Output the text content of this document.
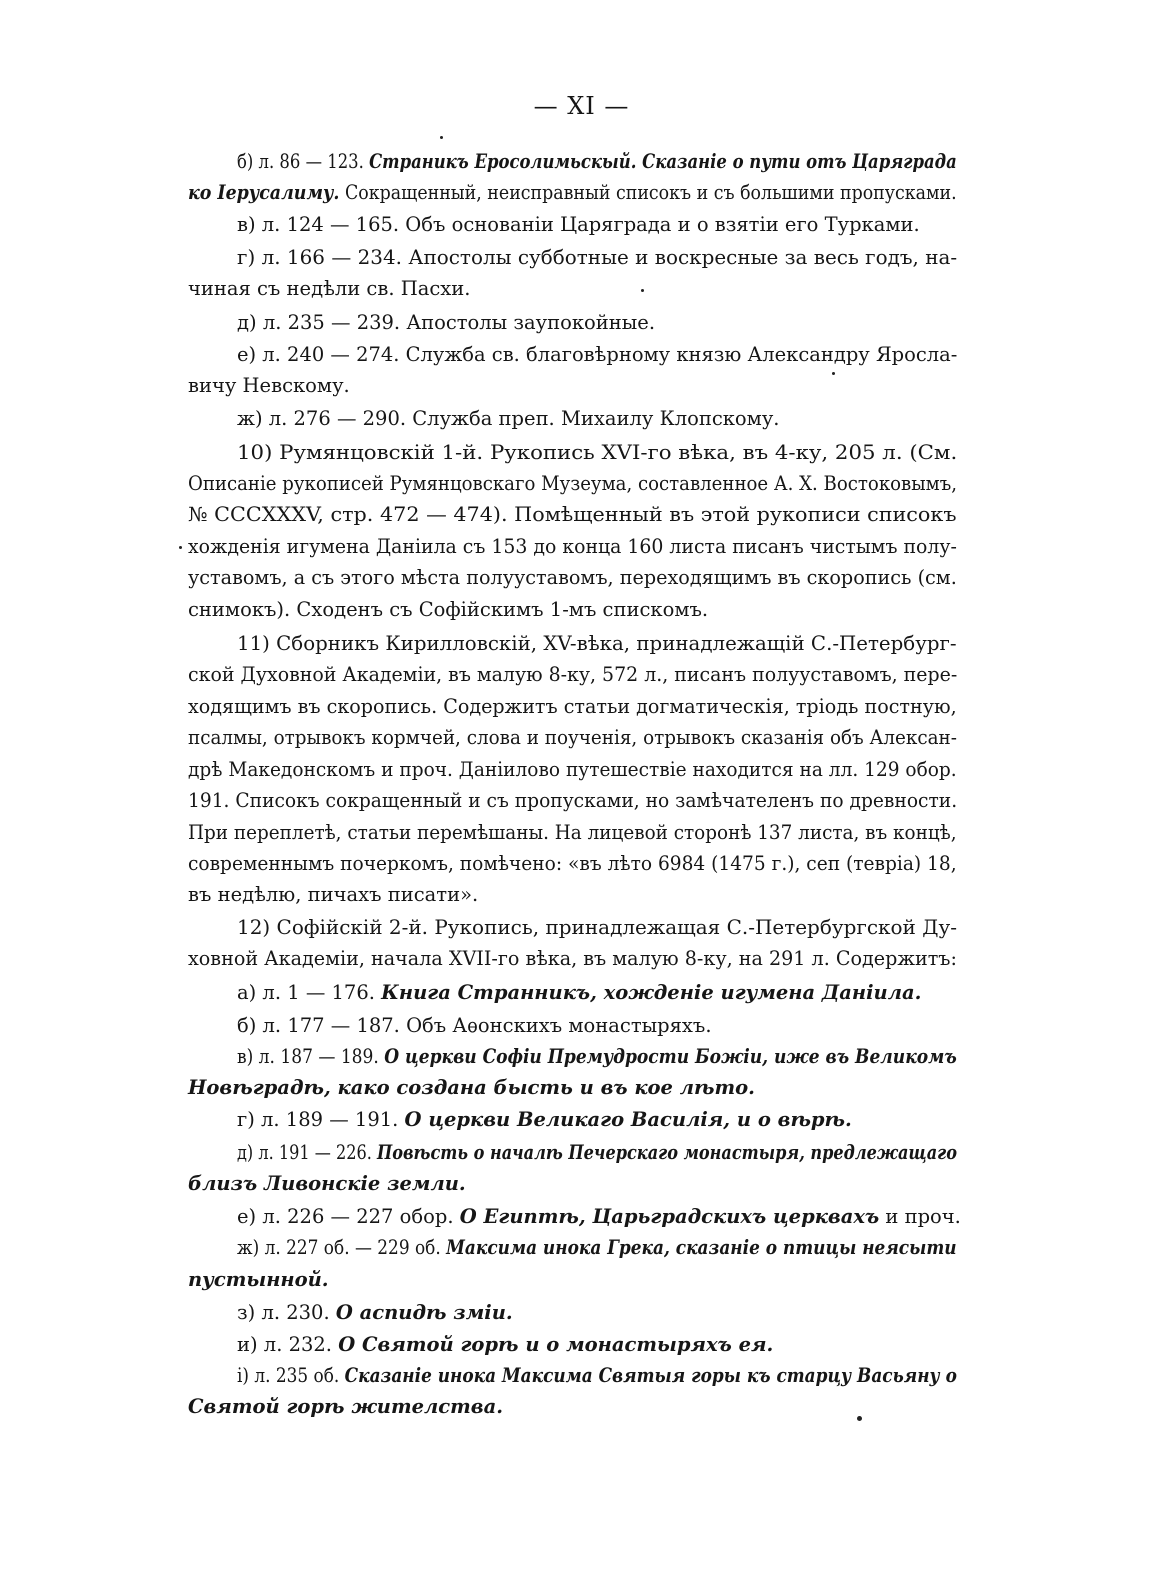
— XI —
б) л. 86 — 123. Страникъ Еросолимьскый. Сказаніе о пути отъ Царяграда
ко Іерусалиму. Сокращенный, неисправный списокъ и съ большими пропусками.
в) л. 124 — 165. Объ основаніи Царяграда и о взятіи его Турками.
г) л. 166 — 234. Апостолы субботные и воскресные за весь годъ, на-
чиная съ недѣли св. Пасхи.
д) л. 235 — 239. Апостолы заупокойные.
е) л. 240 — 274. Служба св. благовѣрному князю Александру Яросла-
вичу Невскому.
ж) л. 276 — 290. Служба преп. Михаилу Клопскому.
10) Румянцовскій 1-й. Рукопись XVI-го вѣка, въ 4-ку, 205 л. (См.
Описаніе рукописей Румянцовскаго Музеума, составленное А. Х. Востоковымъ,
№ СССХХХV, стр. 472 — 474). Помѣщенный въ этой рукописи списокъ
хожденія игумена Даніила съ 153 до конца 160 листа писанъ чистымъ полу-
уставомъ, а съ этого мѣста полууставомъ, переходящимъ въ скоропись (см.
снимокъ). Сходенъ съ Софійскимъ 1-мъ спискомъ.
11) Сборникъ Кирилловскій, XV-вѣка, принадлежащій С.-Петербург-
ской Духовной Академіи, въ малую 8-ку, 572 л., писанъ полууставомъ, пере-
ходящимъ въ скоропись. Содержитъ статьи догматическія, тріодь постную,
псалмы, отрывокъ кормчей, слова и поученія, отрывокъ сказанія объ Алексан-
дрѣ Македонскомъ и проч. Даніилово путешествіе находится на лл. 129 обор.
191. Списокъ сокращенный и съ пропусками, но замѣчателенъ по древности.
При переплетѣ, статьи перемѣшаны. На лицевой сторонѣ 137 листа, въ концѣ,
современнымъ почеркомъ, помѣчено: «въ лѣто 6984 (1475 г.), сеп (тевріа) 18,
въ недѣлю, пичахъ писати».
12) Софійскій 2-й. Рукопись, принадлежащая С.-Петербургской Ду-
ховной Академіи, начала XVII-го вѣка, въ малую 8-ку, на 291 л. Содержитъ:
а) л. 1 — 176. Книга Странникъ, хожденіе игумена Даніила.
б) л. 177 — 187. Объ Аѳонскихъ монастыряхъ.
в) л. 187 — 189. О церкви Софіи Премудрости Божіи, иже въ Великомъ
Новѣградѣ, како создана бысть и въ кое лѣто.
г) л. 189 — 191. О церкви Великаго Василія, и о вѣрѣ.
д) л. 191 — 226. Повѣсть о началѣ Печерскаго монастыря, предлежащаго
близъ Ливонскіе земли.
е) л. 226 — 227 обор. О Египтѣ, Царьградскихъ церквахъ и проч.
ж) л. 227 об. — 229 об. Максима инока Грека, сказаніе о птицы неясыти
пустынной.
з) л. 230. О аспидѣ зміи.
и) л. 232. О Святой горѣ и о монастыряхъ ея.
і) л. 235 об. Сказаніе инока Максима Святыя горы къ старцу Васьяну о
Святой горѣ жителства.
